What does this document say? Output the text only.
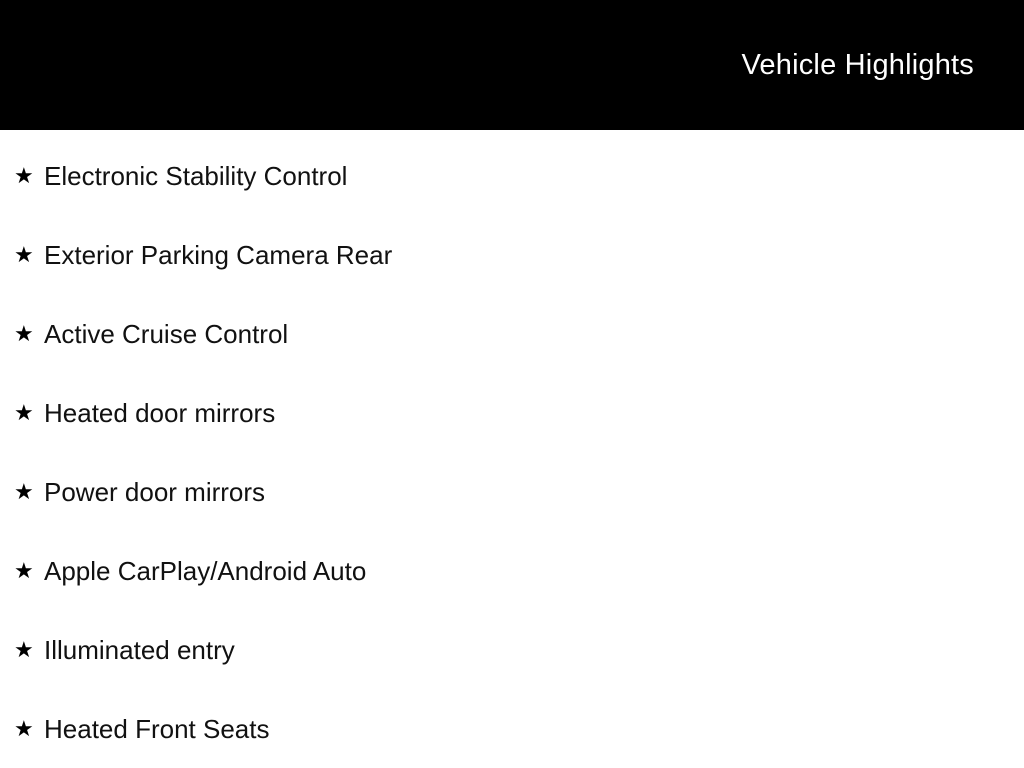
Vehicle Highlights
★ Electronic Stability Control
★ Exterior Parking Camera Rear
★ Active Cruise Control
★ Heated door mirrors
★ Power door mirrors
★ Apple CarPlay/Android Auto
★ Illuminated entry
★ Heated Front Seats
